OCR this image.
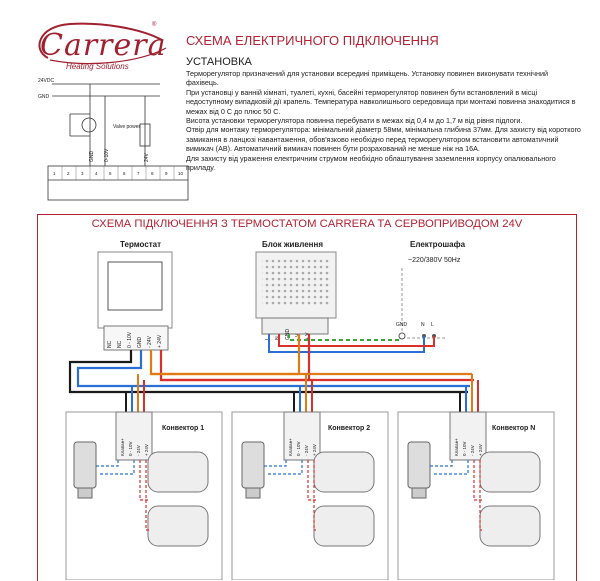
Carrera
Heating Solutions
®
СХЕМА ЕЛЕКТРИЧНОГО ПІДКЛЮЧЕННЯ
УСТАНОВКА

Терморегулятор призначений для установки всередині приміщень. Установку повинен виконувати технічний фахівець.

При установці у ванній кімнаті, туалеті, кухні, басейні терморегулятор повинен бути встановлений в місці недоступному випадковій дії крапель. Температура навколишнього середовища при монтажі повинна знаходитися в межах від 0 С до плюс 50 С.

Висота установки терморегулятора повинна перебувати в межах від 0,4 м до 1,7 м від рівня підлоги.

Отвір для монтажу терморегулятора: мінімальний діаметр 58мм, мінімальна глибина 37мм. Для захисту від короткого замикання в ланцюзі навантаження, обов'язково необхідно перед терморегулятором встановити автоматичний вимикач (АВ). Автоматичний вимикач повинен бути розрахований не менше ніж на 16А.

Для захисту від ураження електричним струмом необхідно облаштування заземлення корпусу опалювального приладу.

24VDC
GND
Valve power
GND 0-10V	24V
1	2	3	4	5	6	7	8	9 10
СХЕМА ПІДКЛЮЧЕННЯ З ТЕРМОСТАТОМ CARRERA ТА СЕРВОПРИВОДОМ 24V
Термостат
NC NC 0 - 10V GND - 24V + 24V
Блок живлення
L N GND - V + V
Електрошафа
~220/380V 50Hz
GND	N L
Конвектор 1
Клапан+ 0 - 10V - 24V + 24V
Конвектор 2
Клапан+ 0 - 10V - 24V + 24V
Конвектор N
Клапан+ 0 - 10V - 24V + 24V
